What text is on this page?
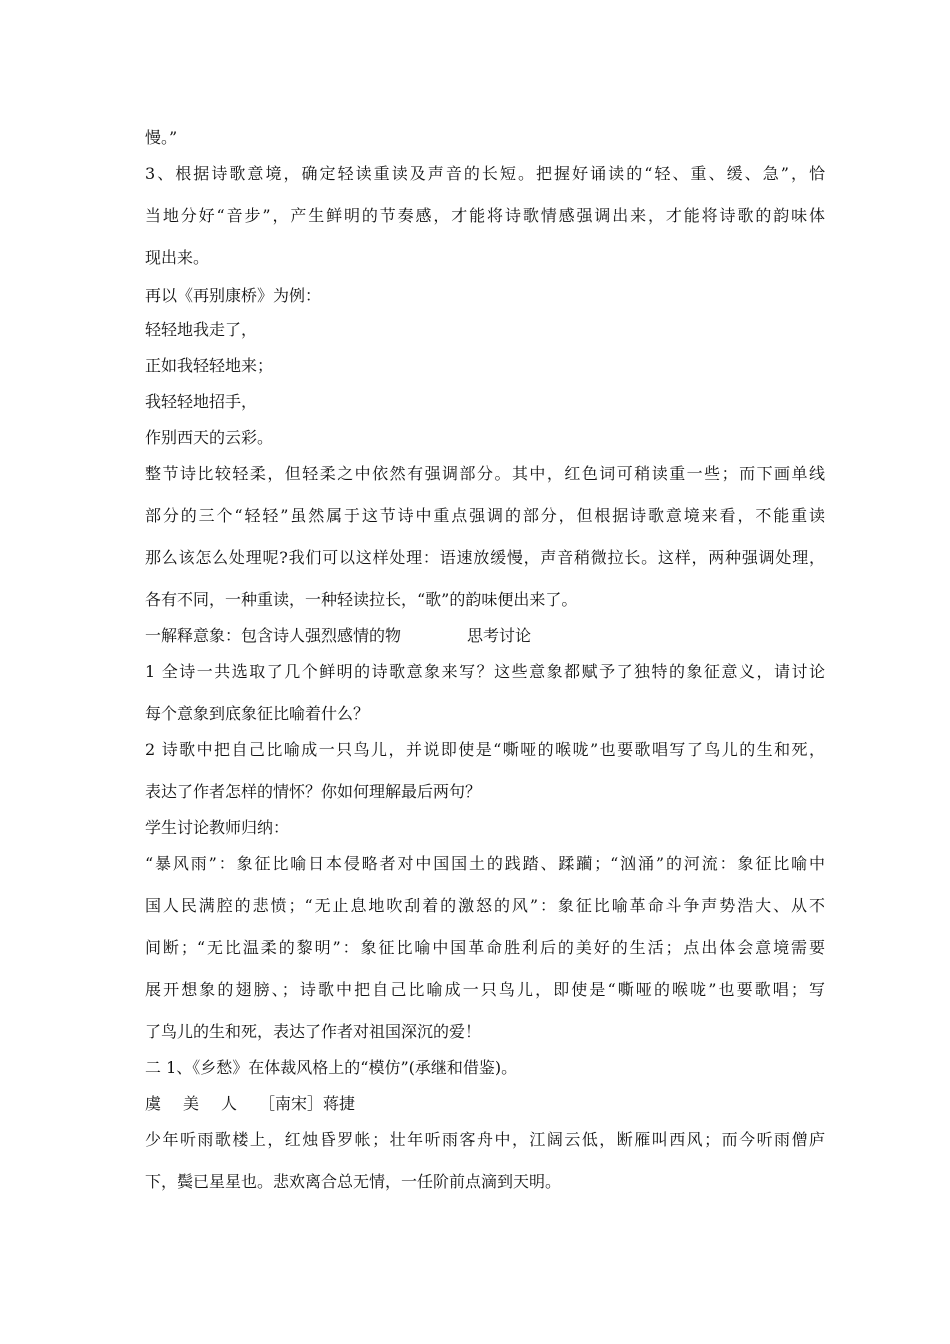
慢。”
3、根据诗歌意境，确定轻读重读及声音的长短。把握好诵读的“轻、重、缓、急”，恰
当地分好“音步”，产生鲜明的节奏感，才能将诗歌情感强调出来，才能将诗歌的韵味体
现出来。
再以《再别康桥》为例：
轻轻地我走了，
正如我轻轻地来；
我轻轻地招手，
作别西天的云彩。
整节诗比较轻柔，但轻柔之中依然有强调部分。其中，红色词可稍读重一些；而下画单线
部分的三个“轻轻”虽然属于这节诗中重点强调的部分，但根据诗歌意境来看，不能重读
那么该怎么处理呢?我们可以这样处理：语速放缓慢，声音稍微拉长。这样，两种强调处理，
各有不同，一种重读，一种轻读拉长，“歌”的韵味便出来了。
一解释意象：包含诗人强烈感情的物	思考讨论
1 全诗一共选取了几个鲜明的诗歌意象来写？这些意象都赋予了独特的象征意义，请讨论
每个意象到底象征比喻着什么？
2 诗歌中把自己比喻成一只鸟儿，并说即使是“嘶哑的喉咙”也要歌唱写了鸟儿的生和死，
表达了作者怎样的情怀？你如何理解最后两句？
学生讨论教师归纳：
“暴风雨”：象征比喻日本侵略者对中国国土的践踏、蹂躏；“汹涌”的河流：象征比喻中
国人民满腔的悲愤；“无止息地吹刮着的激怒的风”：象征比喻革命斗争声势浩大、从不
间断；“无比温柔的黎明”：象征比喻中国革命胜利后的美好的生活；点出体会意境需要
展开想象的翅膀、；诗歌中把自己比喻成一只鸟儿，即使是“嘶哑的喉咙”也要歌唱；写
了鸟儿的生和死，表达了作者对祖国深沉的爱！
二 1、《乡愁》在体裁风格上的“模仿”(承继和借鉴)。
虞 美 人 ［南宋］蒋捷
少年听雨歌楼上，红烛昏罗帐；壮年听雨客舟中，江阔云低，断雁叫西风；而今听雨僧庐
下，鬓已星星也。悲欢离合总无情，一任阶前点滴到天明。
